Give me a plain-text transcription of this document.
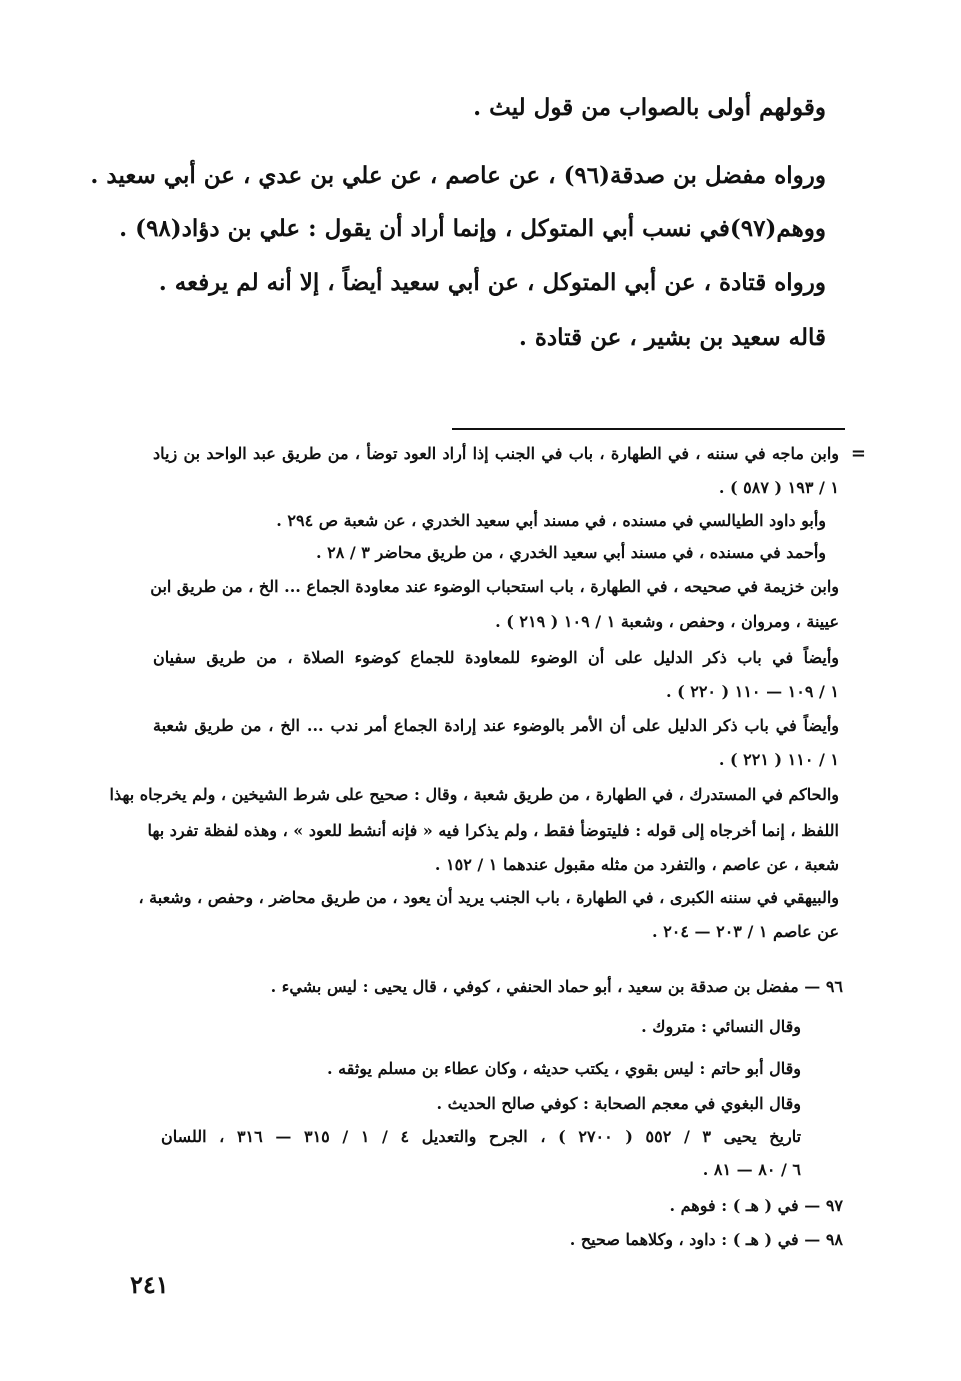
وقولهم أولى بالصواب من قول ليث .
ورواه مفضل بن صدقة(٩٦) ، عن عاصم ، عن علي بن عدي ، عن أبي سعيد .
ووهم(٩٧)في نسب أبي المتوكل ، وإنما أراد أن يقول : علي بن دؤاد(٩٨) .
ورواه قتادة ، عن أبي المتوكل ، عن أبي سعيد أيضاً ، إلا أنه لم يرفعه .
قاله سعيد بن بشير ، عن قتادة .
=
وابن ماجه في سننه ، في الطهارة ، باب في الجنب إذا أراد العود توضأ ، من طريق عبد الواحد بن زياد
١ / ١٩٣ ( ٥٨٧ ) .
وأبو داود الطيالسي في مسنده ، في مسند أبي سعيد الخدري ، عن شعبة ص ٢٩٤ .
وأحمد في مسنده ، في مسند أبي سعيد الخدري ، من طريق محاضر ٣ / ٢٨ .
وابن خزيمة في صحيحه ، في الطهارة ، باب استحباب الوضوء عند معاودة الجماع ... الخ ، من طريق ابن
عيينة ، ومروان ، وحفص ، وشعبة ١ / ١٠٩ ( ٢١٩ ) .
وأيضاً في باب ذكر الدليل على أن الوضوء للمعاودة للجماع كوضوء الصلاة ، من طريق سفيان
١ / ١٠٩ — ١١٠ ( ٢٢٠ ) .
وأيضاً في باب ذكر الدليل على أن الأمر بالوضوء عند إرادة الجماع أمر ندب ... الخ ، من طريق شعبة
١ / ١١٠ ( ٢٢١ ) .
والحاكم في المستدرك ، في الطهارة ، من طريق شعبة ، وقال : صحيح على شرط الشيخين ، ولم يخرجاه بهذا
اللفظ ، إنما أخرجاه إلى قوله : فليتوضأ فقط ، ولم يذكرا فيه « فإنه أنشط للعود » ، وهذه لفظة تفرد بها
شعبة ، عن عاصم ، والتفرد من مثله مقبول عندهما ١ / ١٥٢ .
والبيهقي في سننه الكبرى ، في الطهارة ، باب الجنب يريد أن يعود ، من طريق محاضر ، وحفص ، وشعبة ،
عن عاصم ١ / ٢٠٣ — ٢٠٤ .
٩٦ — مفضل بن صدقة بن سعيد ، أبو حماد الحنفي ، كوفي ، قال يحيى : ليس بشيء .
وقال النسائي : متروك .
وقال أبو حاتم : ليس بقوي ، يكتب حديثه ، وكان عطاء بن مسلم يوثقه .
وقال البغوي في معجم الصحابة : كوفي صالح الحديث .
تاريخ يحيى ٣ / ٥٥٢ ( ٢٧٠٠ ) ، الجرح والتعديل ٤ / ١ / ٣١٥ — ٣١٦ ، اللسان
٦ / ٨٠ — ٨١ .
٩٧ — في ( هـ ) : فوهم .
٩٨ — في ( هـ ) : داود ، وكلاهما صحيح .
٢٤١
